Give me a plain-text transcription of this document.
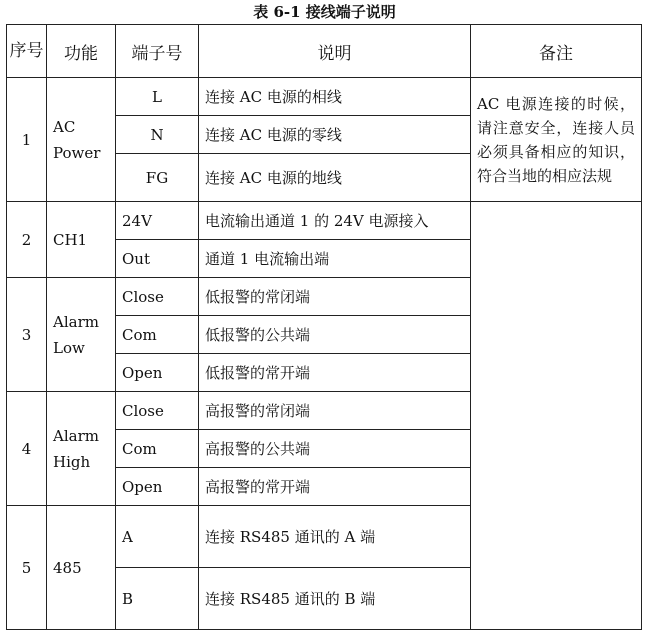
表 6-1 接线端子说明
序号	功能	端子号	说明	备注	
1	AC Power	L	连接 AC 电源的相线	AC 电源连接的时候，请注意安全，连接人员必须具备相应的知识，符合当地的相应法规	
		N	连接 AC 电源的零线		
		FG	连接 AC 电源的地线		
2	CH1	24V	电流输出通道 1 的 24V 电源接入		
		Out	通道 1 电流输出端		
3	Alarm Low	Close	低报警的常闭端		
		Com	低报警的公共端		
		Open	低报警的常开端		
4	Alarm High	Close	高报警的常闭端		
		Com	高报警的公共端		
		Open	高报警的常开端		
5	485	A	连接 RS485 通讯的 A 端	
		B	连接 RS485 通讯的 B 端		
